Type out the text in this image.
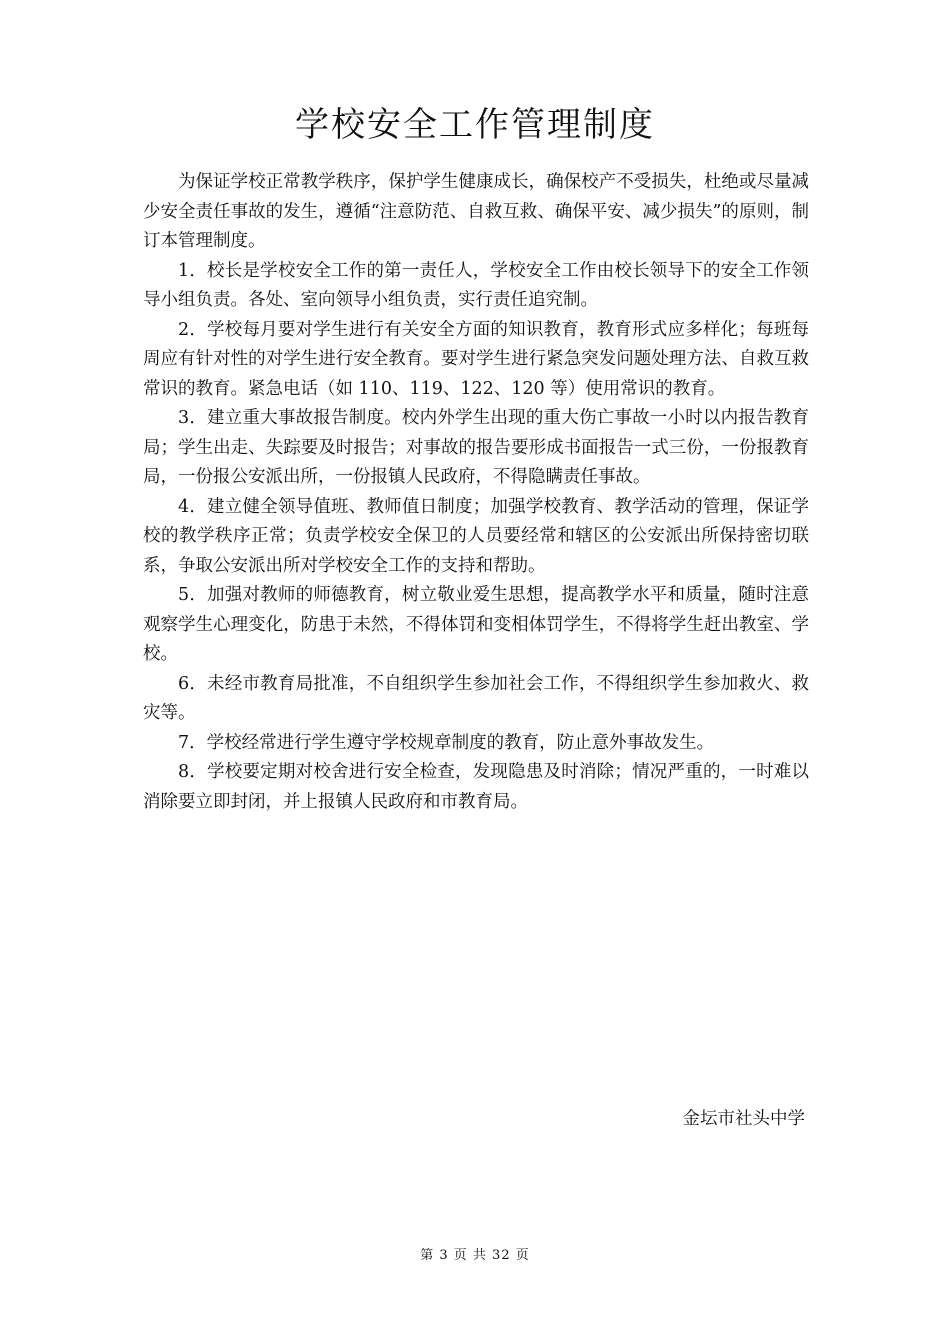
学校安全工作管理制度

为保证学校正常教学秩序，保护学生健康成长，确保校产不受损失，杜绝或尽量减少安全责任事故的发生，遵循“注意防范、自救互救、确保平安、减少损失”的原则，制订本管理制度。

1．校长是学校安全工作的第一责任人，学校安全工作由校长领导下的安全工作领导小组负责。各处、室向领导小组负责，实行责任追究制。

2．学校每月要对学生进行有关安全方面的知识教育，教育形式应多样化；每班每周应有针对性的对学生进行安全教育。要对学生进行紧急突发问题处理方法、自救互救常识的教育。紧急电话（如 110、119、122、120 等）使用常识的教育。

3．建立重大事故报告制度。校内外学生出现的重大伤亡事故一小时以内报告教育局；学生出走、失踪要及时报告；对事故的报告要形成书面报告一式三份，一份报教育局，一份报公安派出所，一份报镇人民政府，不得隐瞒责任事故。

4．建立健全领导值班、教师值日制度；加强学校教育、教学活动的管理，保证学校的教学秩序正常；负责学校安全保卫的人员要经常和辖区的公安派出所保持密切联系，争取公安派出所对学校安全工作的支持和帮助。

5．加强对教师的师德教育，树立敬业爱生思想，提高教学水平和质量，随时注意观察学生心理变化，防患于未然，不得体罚和变相体罚学生，不得将学生赶出教室、学校。

6．未经市教育局批准，不自组织学生参加社会工作，不得组织学生参加救火、救灾等。

7．学校经常进行学生遵守学校规章制度的教育，防止意外事故发生。

8．学校要定期对校舍进行安全检查，发现隐患及时消除；情况严重的，一时难以消除要立即封闭，并上报镇人民政府和市教育局。

金坛市社头中学
第 3 页 共 32 页
